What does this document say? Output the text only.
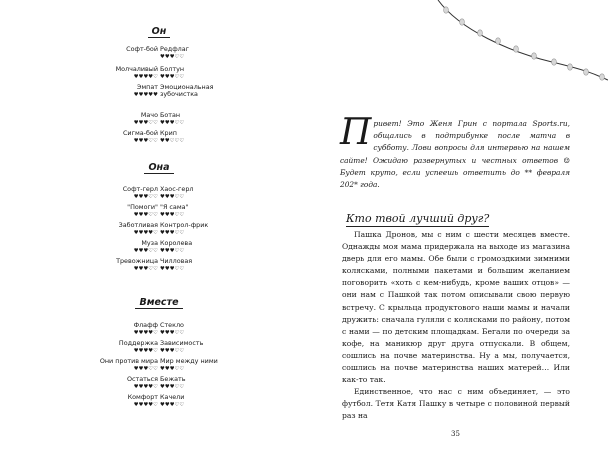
Он
Софт-бой Редфлаг
♥♥♥♡♡
Молчаливый Болтун
♥♥♥♥♡ ♥♥♥♡♡
Эмпат Эмоциональная зубочистка
♥♥♥♥♥
Мачо Ботан
♥♥♥♡♡ ♥♥♥♡♡
Сигма-бой Крип
♥♥♥♡♡ ♥♥♡♡♡
Она
Софт-герл Хаос-герл
♥♥♥♡♡ ♥♥♥♡♡
"Помоги" "Я сама"
♥♥♥♡♡ ♥♥♥♡♡
Заботливая Контрол-фрик
♥♥♥♥♡ ♥♥♥♡♡
Муза Королева
♥♥♥♡♡ ♥♥♥♡♡
Тревожница Чилловая
♥♥♥♡♡ ♥♥♥♡♡
Вместе
Флафф Стекло
♥♥♥♥♡ ♥♥♥♡♡
Поддержка Зависимость
♥♥♥♥♡ ♥♥♥♡♡
Они против мира Мир между ними
♥♥♥♡♡ ♥♥♥♡♡
Остаться Бежать
♥♥♥♥♡ ♥♥♥♡♡
Комфорт Качели
♥♥♥♥♡ ♥♥♥♡♡
Привет! Это Женя Грин с портала Sports.ru, общались в подтрибунке после матча в субботу. Лови вопросы для интервью на нашем сайте! Ожидаю развернутых и честных ответов ☺ Будет круто, если успеешь ответить до ** февраля 202* года.
Кто твой лучший друг?

Пашка Дронов, мы с ним с шести месяцев вместе. Однажды моя мама придержала на выходе из магазина дверь для его мамы. Обе были с громоздкими зимними колясками, полными пакетами и большим желанием поговорить «хоть с кем-нибудь, кроме ваших отцов» — они нам с Пашкой так потом описывали свою первую встречу. С крыльца продуктового наши мамы и начали дружить: сначала гуляли с колясками по району, потом с нами — по детским площадкам. Бегали по очереди за кофе, на маникюр друг друга отпускали. В общем, сошлись на почве материнства. Ну а мы, получается, сошлись на почве материнства наших матерей… Или как-то так.

Единственное, что нас с ним объединяет, — это футбол. Тетя Катя Пашку в четыре с половиной первый раз на

35
